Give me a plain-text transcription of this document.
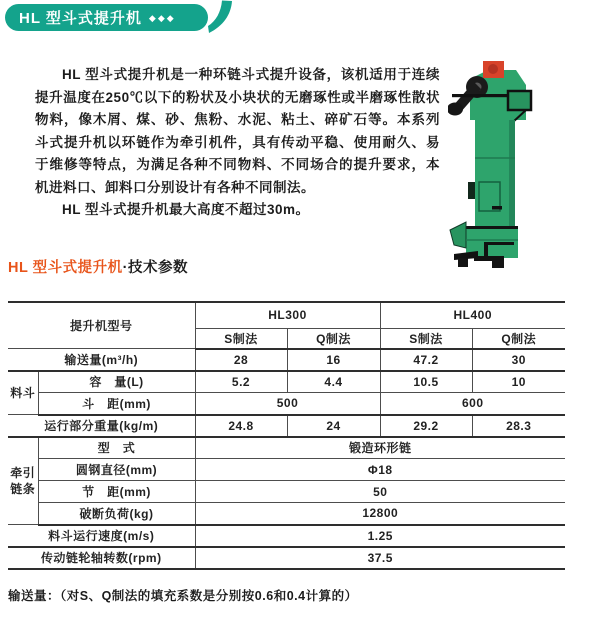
HL 型斗式提升机 ◆◆◆

HL 型斗式提升机是一种环链斗式提升设备，该机适用于连续提升温度在250℃以下的粉状及小块状的无磨琢性或半磨琢性散状物料，像木屑、煤、砂、焦粉、水泥、粘土、碎矿石等。本系列斗式提升机以环链作为牵引机件，具有传动平稳、使用耐久、易于维修等特点，为满足各种不同物料、不同场合的提升要求，本机进料口、卸料口分别设计有各种不同制法。

HL 型斗式提升机最大高度不超过30m。

HL 型斗式提升机·技术参数
提升机型号		HL300		HL400	
		S制法	Q制法	S制法	Q制法
输送量(m³/h)		28	16	47.2	30
料斗	容　量(L)	5.2	4.4	10.5	10
	斗　距(mm)	500		600	
运行部分重量(kg/m)		24.8	24	29.2	28.3
牵引链条	型　式	锻造环形链			
	圆钢直径(mm)	Φ18			
	节　距(mm)	50			
	破断负荷(kg)	12800			
料斗运行速度(m/s)		1.25			
传动链轮轴转数(rpm)		37.5			
输送量：（对S、Q制法的填充系数是分别按0.6和0.4计算的）
